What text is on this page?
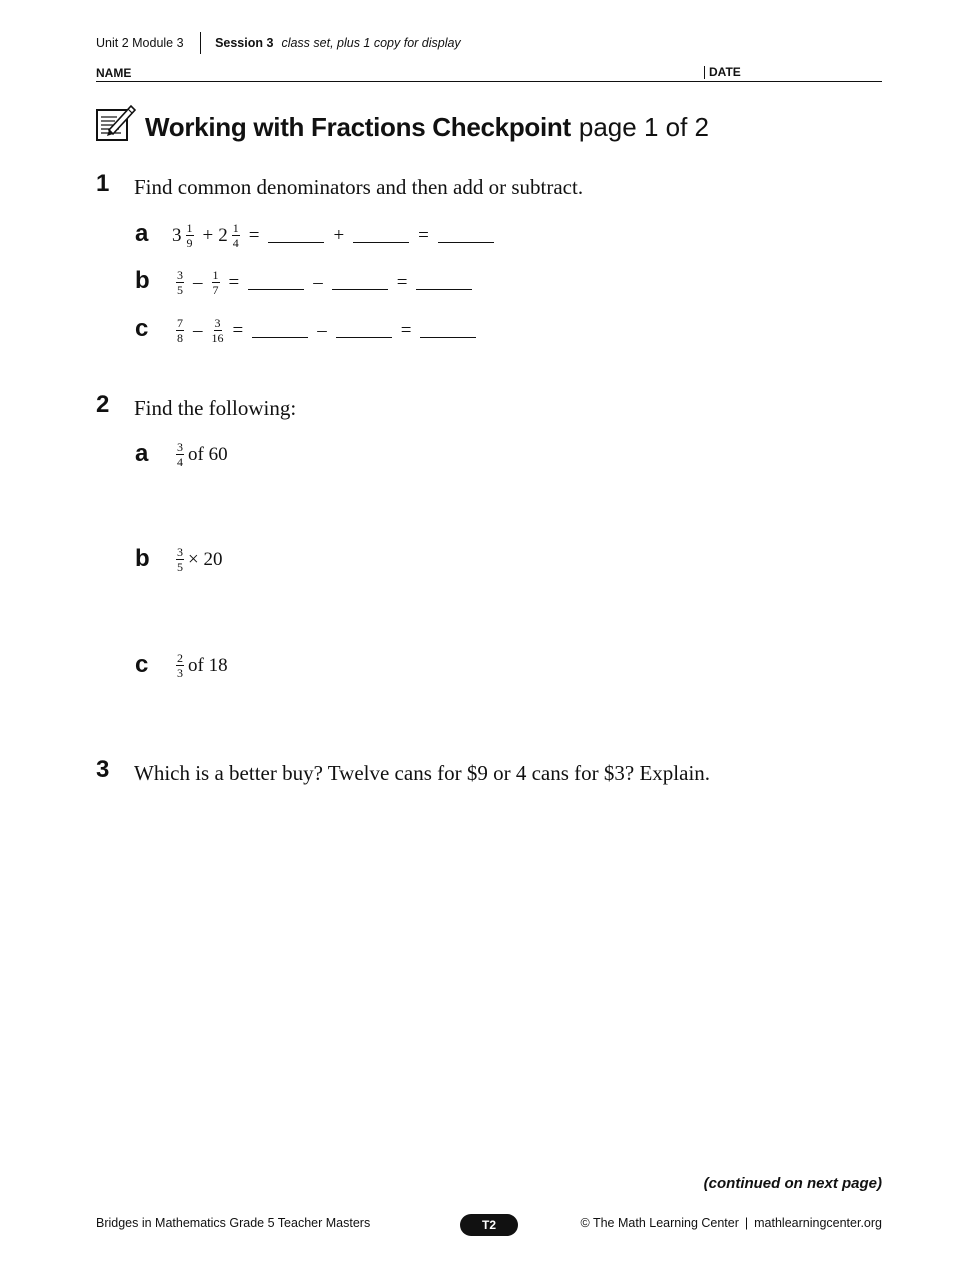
Unit 2 Module 3	Session 3 class set, plus 1 copy for display
NAME	DATE
Working with Fractions Checkpoint page 1 of 2
1 Find common denominators and then add or subtract.
a $3 \frac{1}{9} + 2 \frac{1}{4}$ =	+	=
b $\frac{3}{5} - \frac{1}{7}$ =	–	=
c $\frac{7}{8} - \frac{3}{16}$ =	–	=
2 Find the following:
a $\frac{3}{4}$ of 60
b $\frac{3}{5} \times 20$
c $\frac{2}{3}$ of 18
3 Which is a better buy? Twelve cans for $9 or 4 cans for $3? Explain.
(continued on next page)
Bridges in Mathematics Grade 5 Teacher Masters	T2	© The Math Learning Center | mathlearningcenter.org
